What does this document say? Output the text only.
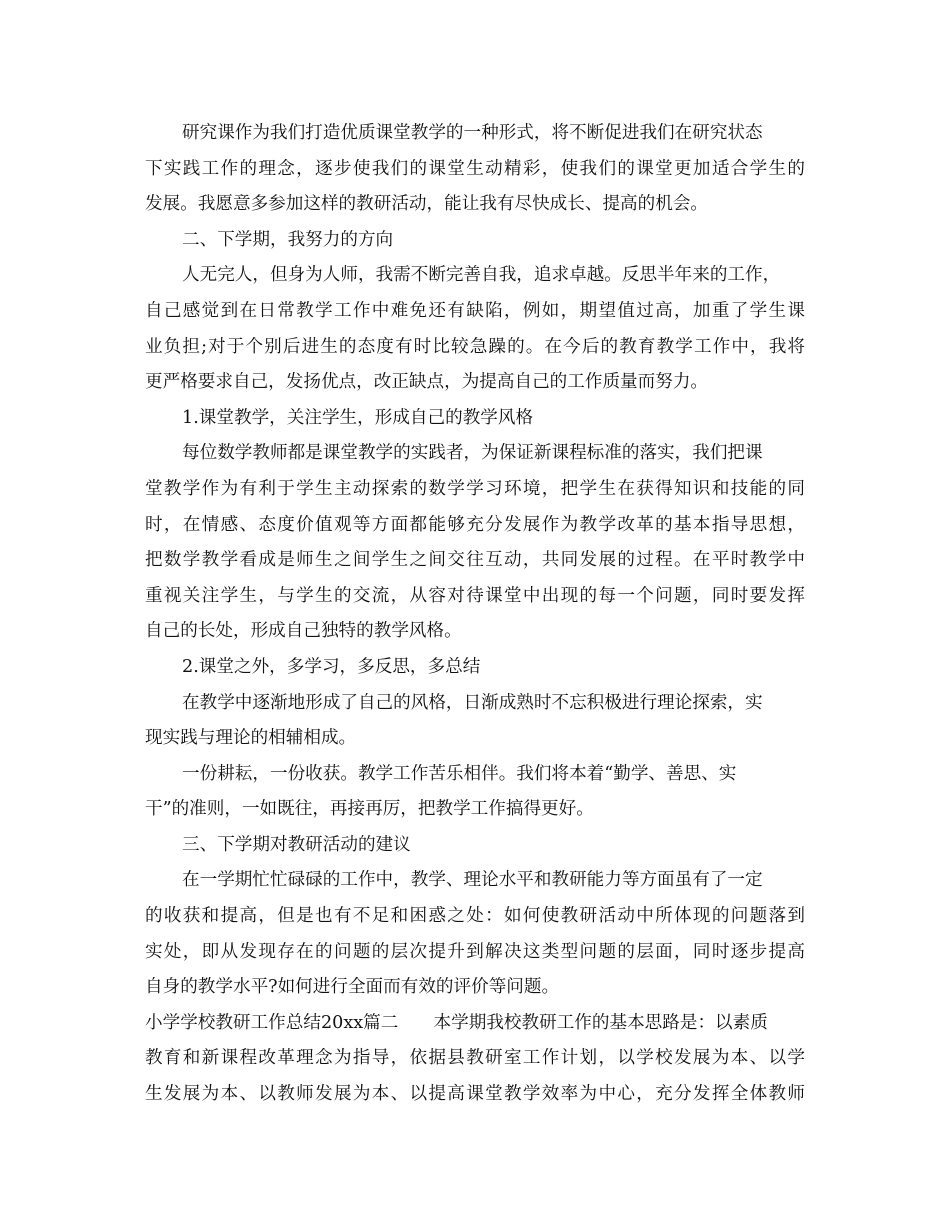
研究课作为我们打造优质课堂教学的一种形式，将不断促进我们在研究状态
下实践工作的理念，逐步使我们的课堂生动精彩，使我们的课堂更加适合学生的
发展。我愿意多参加这样的教研活动，能让我有尽快成长、提高的机会。
二、下学期，我努力的方向
人无完人，但身为人师，我需不断完善自我，追求卓越。反思半年来的工作，
自己感觉到在日常教学工作中难免还有缺陷，例如，期望值过高，加重了学生课
业负担;对于个别后进生的态度有时比较急躁的。在今后的教育教学工作中，我将
更严格要求自己，发扬优点，改正缺点，为提高自己的工作质量而努力。
1.课堂教学，关注学生，形成自己的教学风格
每位数学教师都是课堂教学的实践者，为保证新课程标准的落实，我们把课
堂教学作为有利于学生主动探索的数学学习环境，把学生在获得知识和技能的同
时，在情感、态度价值观等方面都能够充分发展作为教学改革的基本指导思想，
把数学教学看成是师生之间学生之间交往互动，共同发展的过程。在平时教学中
重视关注学生，与学生的交流，从容对待课堂中出现的每一个问题，同时要发挥
自己的长处，形成自己独特的教学风格。
2.课堂之外，多学习，多反思，多总结
在教学中逐渐地形成了自己的风格，日渐成熟时不忘积极进行理论探索，实
现实践与理论的相辅相成。
一份耕耘，一份收获。教学工作苦乐相伴。我们将本着“勤学、善思、实
干”的准则，一如既往，再接再厉，把教学工作搞得更好。
三、下学期对教研活动的建议
在一学期忙忙碌碌的工作中，教学、理论水平和教研能力等方面虽有了一定
的收获和提高，但是也有不足和困惑之处：如何使教研活动中所体现的问题落到
实处，即从发现存在的问题的层次提升到解决这类型问题的层面，同时逐步提高
自身的教学水平?如何进行全面而有效的评价等问题。
小学学校教研工作总结20xx篇二　　本学期我校教研工作的基本思路是：以素质
教育和新课程改革理念为指导，依据县教研室工作计划，以学校发展为本、以学
生发展为本、以教师发展为本、以提高课堂教学效率为中心，充分发挥全体教师
